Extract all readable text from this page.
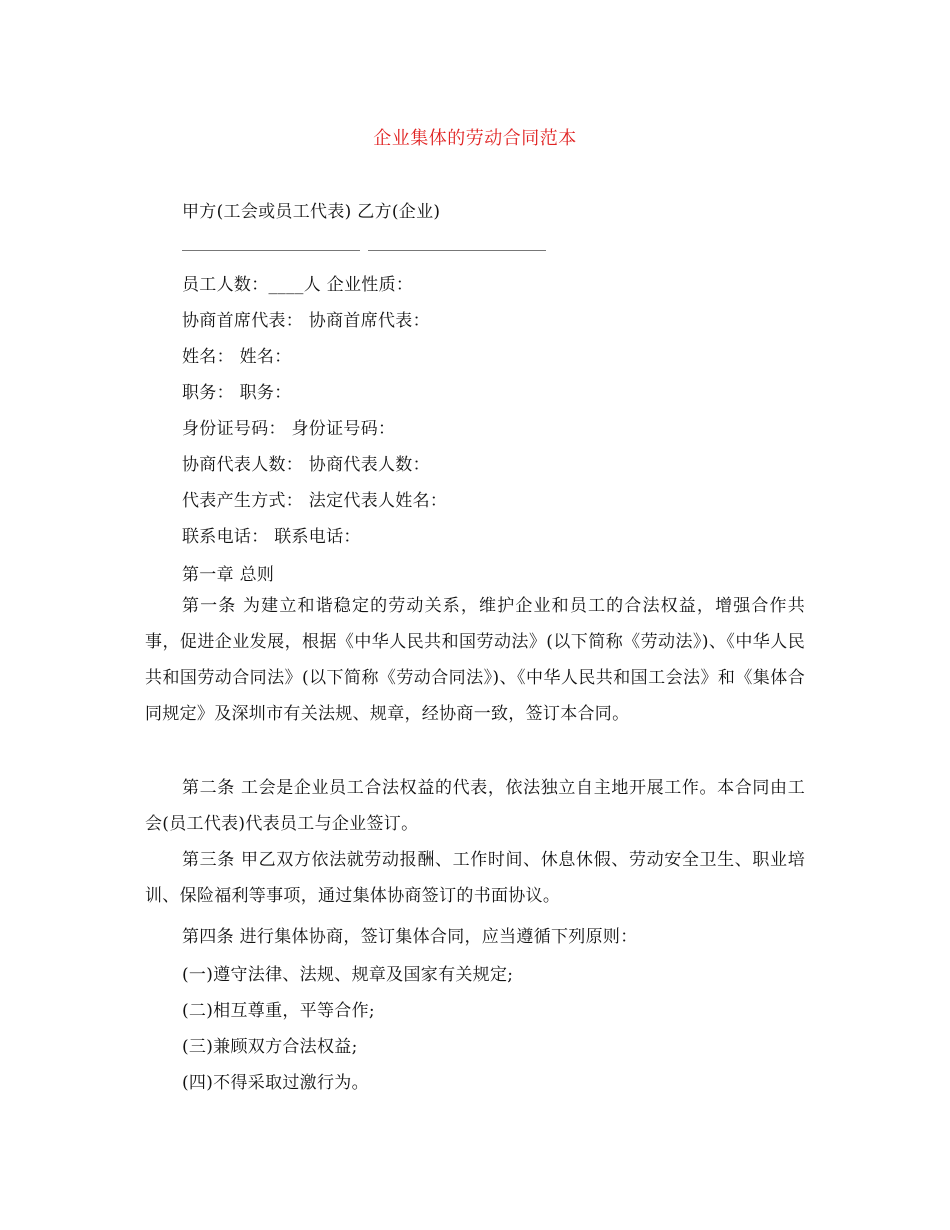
企业集体的劳动合同范本
甲方(工会或员工代表) 乙方(企业)
员工人数：____人 企业性质：
协商首席代表： 协商首席代表：
姓名： 姓名：
职务： 职务：
身份证号码： 身份证号码：
协商代表人数： 协商代表人数：
代表产生方式： 法定代表人姓名：
联系电话： 联系电话：
第一章 总则
第一条 为建立和谐稳定的劳动关系，维护企业和员工的合法权益，增强合作共事，促进企业发展，根据《中华人民共和国劳动法》(以下简称《劳动法》)、《中华人民共和国劳动合同法》(以下简称《劳动合同法》)、《中华人民共和国工会法》和《集体合同规定》及深圳市有关法规、规章，经协商一致，签订本合同。
第二条 工会是企业员工合法权益的代表，依法独立自主地开展工作。本合同由工会(员工代表)代表员工与企业签订。
第三条 甲乙双方依法就劳动报酬、工作时间、休息休假、劳动安全卫生、职业培训、保险福利等事项，通过集体协商签订的书面协议。
第四条 进行集体协商，签订集体合同，应当遵循下列原则：
(一)遵守法律、法规、规章及国家有关规定;
(二)相互尊重，平等合作;
(三)兼顾双方合法权益;
(四)不得采取过激行为。
